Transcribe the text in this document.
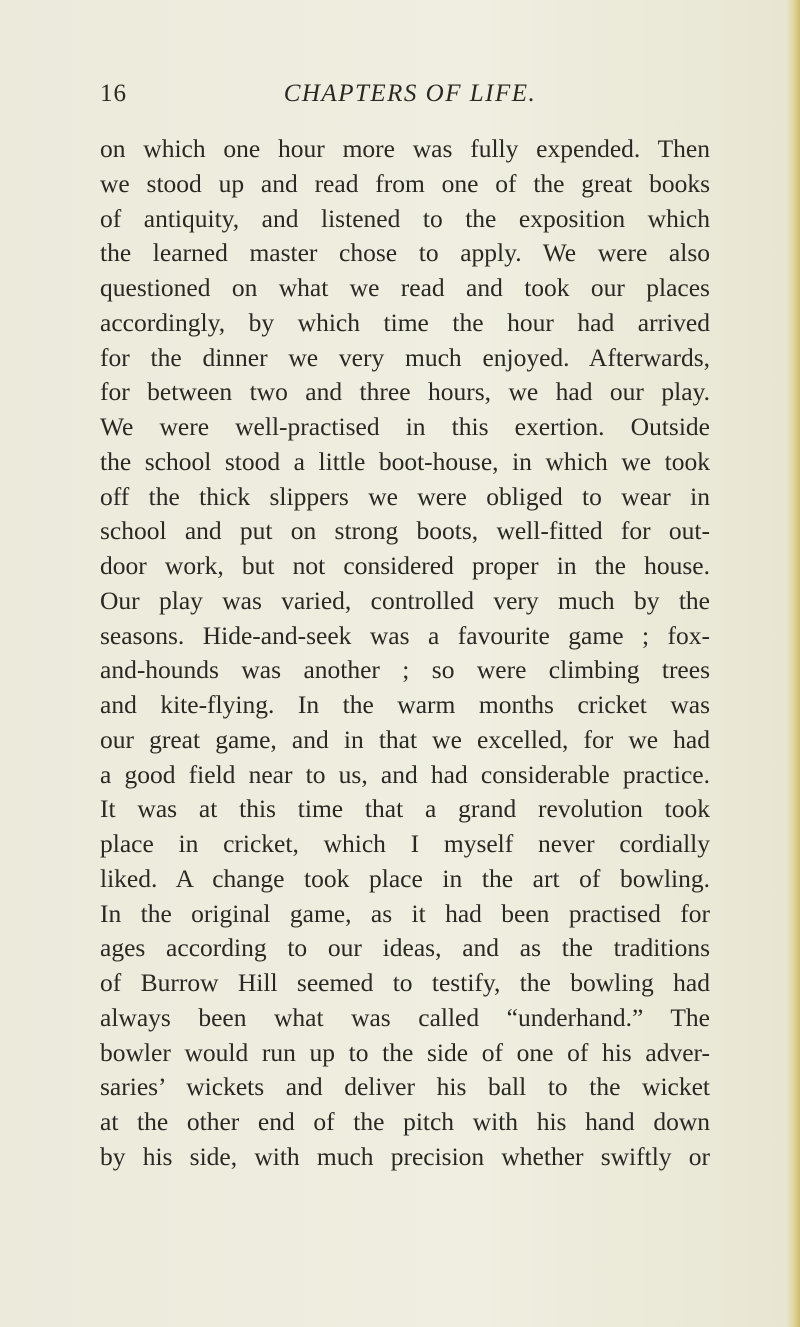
16	CHAPTERS OF LIFE.
on which one hour more was fully expended. Then
we stood up and read from one of the great books
of antiquity, and listened to the exposition which
the learned master chose to apply. We were also
questioned on what we read and took our places
accordingly, by which time the hour had arrived
for the dinner we very much enjoyed. Afterwards,
for between two and three hours, we had our play.
We were well-practised in this exertion. Outside
the school stood a little boot-house, in which we took
off the thick slippers we were obliged to wear in
school and put on strong boots, well-fitted for out-
door work, but not considered proper in the house.
Our play was varied, controlled very much by the
seasons. Hide-and-seek was a favourite game ; fox-
and-hounds was another ; so were climbing trees
and kite-flying. In the warm months cricket was
our great game, and in that we excelled, for we had
a good field near to us, and had considerable practice.
It was at this time that a grand revolution took
place in cricket, which I myself never cordially
liked. A change took place in the art of bowling.
In the original game, as it had been practised for
ages according to our ideas, and as the traditions
of Burrow Hill seemed to testify, the bowling had
always been what was called “underhand.” The
bowler would run up to the side of one of his adver-
saries’ wickets and deliver his ball to the wicket
at the other end of the pitch with his hand down
by his side, with much precision whether swiftly or
